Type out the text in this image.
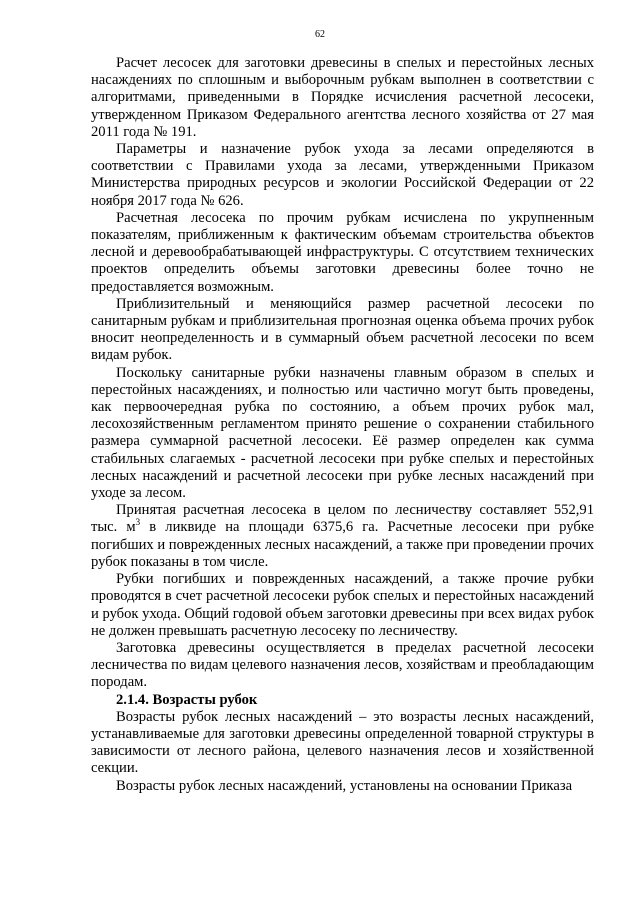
62

Расчет лесосек для заготовки древесины в спелых и перестойных лесных насаждениях по сплошным и выборочным рубкам выполнен в соответствии с алгоритмами, приведенными в Порядке исчисления расчетной лесосеки, утвержденном Приказом Федерального агентства лесного хозяйства от 27 мая 2011 года № 191.

Параметры и назначение рубок ухода за лесами определяются в соответствии с Правилами ухода за лесами, утвержденными Приказом Министерства природных ресурсов и экологии Российской Федерации от 22 ноября 2017 года № 626.

Расчетная лесосека по прочим рубкам исчислена по укрупненным показателям, приближенным к фактическим объемам строительства объектов лесной и деревообрабатывающей инфраструктуры. С отсутствием технических проектов определить объемы заготовки древесины более точно не предоставляется возможным.

Приблизительный и меняющийся размер расчетной лесосеки по санитарным рубкам и приблизительная прогнозная оценка объема прочих рубок вносит неопределенность и в суммарный объем расчетной лесосеки по всем видам рубок.

Поскольку санитарные рубки назначены главным образом в спелых и перестойных насаждениях, и полностью или частично могут быть проведены, как первоочередная рубка по состоянию, а объем прочих рубок мал, лесохозяйственным регламентом принято решение о сохранении стабильного размера суммарной расчетной лесосеки. Её размер определен как сумма стабильных слагаемых - расчетной лесосеки при рубке спелых и перестойных лесных насаждений и расчетной лесосеки при рубке лесных насаждений при уходе за лесом.

Принятая расчетная лесосека в целом по лесничеству составляет 552,91 тыс. $м^3$ в ликвиде на площади 6375,6 га. Расчетные лесосеки при рубке погибших и поврежденных лесных насаждений, а также при проведении прочих рубок показаны в том числе.

Рубки погибших и поврежденных насаждений, а также прочие рубки проводятся в счет расчетной лесосеки рубок спелых и перестойных насаждений и рубок ухода. Общий годовой объем заготовки древесины при всех видах рубок не должен превышать расчетную лесосеку по лесничеству.

Заготовка древесины осуществляется в пределах расчетной лесосеки лесничества по видам целевого назначения лесов, хозяйствам и преобладающим породам.

2.1.4. Возрасты рубок

Возрасты рубок лесных насаждений – это возрасты лесных насаждений, устанавливаемые для заготовки древесины определенной товарной структуры в зависимости от лесного района, целевого назначения лесов и хозяйственной секции.

Возрасты рубок лесных насаждений, установлены на основании Приказа
